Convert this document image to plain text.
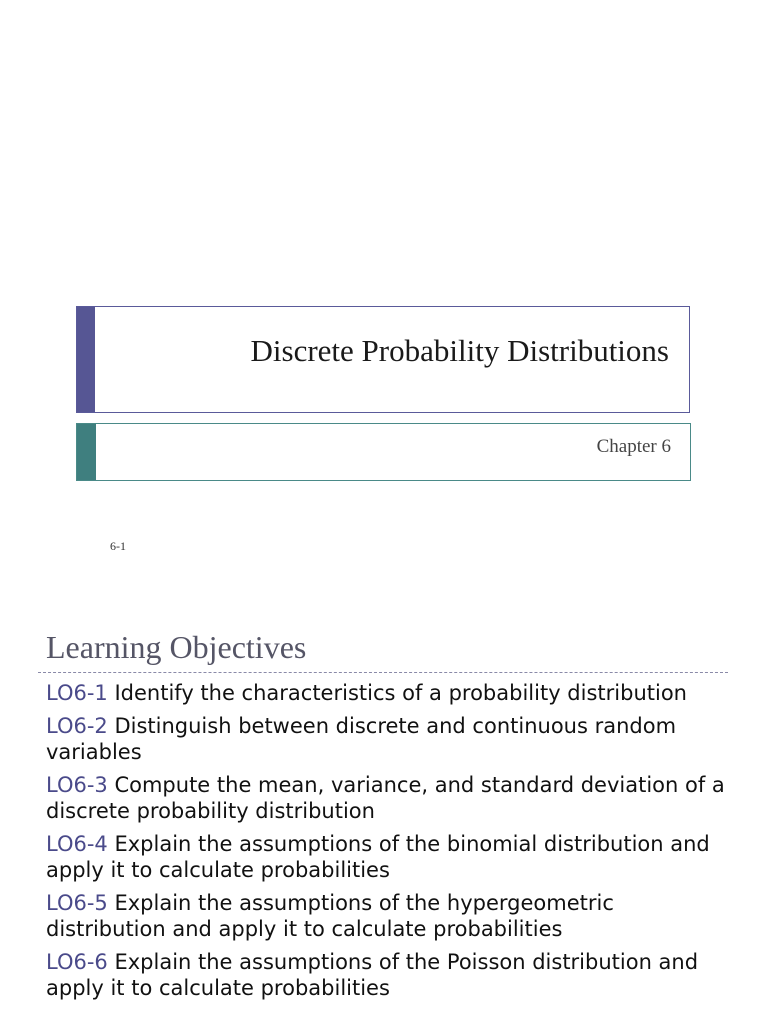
Discrete Probability Distributions
Chapter 6
6-1
Learning Objectives
LO6-1 Identify the characteristics of a probability distribution
LO6-2 Distinguish between discrete and continuous random variables
LO6-3 Compute the mean, variance, and standard deviation of a discrete probability distribution
LO6-4 Explain the assumptions of the binomial distribution and apply it to calculate probabilities
LO6-5 Explain the assumptions of the hypergeometric distribution and apply it to calculate probabilities
LO6-6 Explain the assumptions of the Poisson distribution and apply it to calculate probabilities
